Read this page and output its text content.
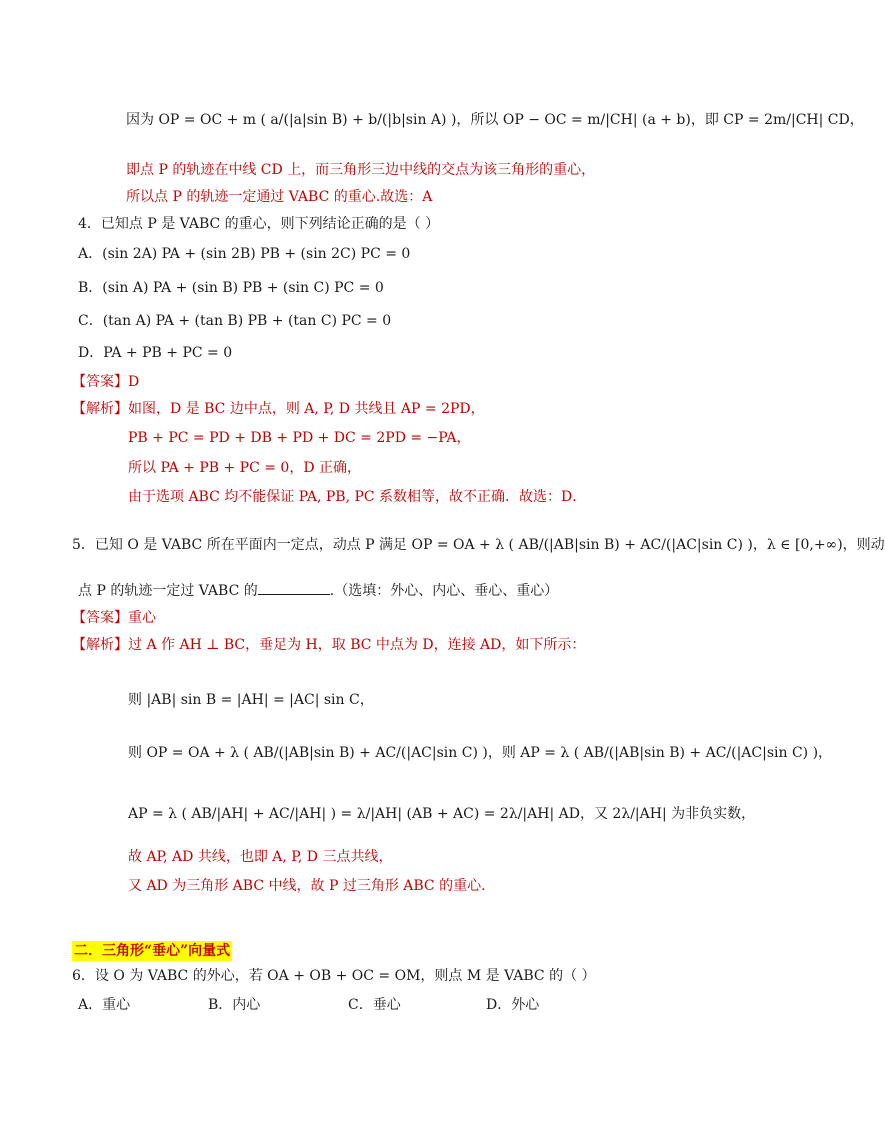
因为 OP = OC + m ( a/(|a|sin B) + b/(|b|sin A) )，所以 OP − OC = m/|CH| (a + b)，即 CP = 2m/|CH| CD，
即点 P 的轨迹在中线 CD 上，而三角形三边中线的交点为该三角形的重心，
所以点 P 的轨迹一定通过 VABC 的重心.故选：A
4．已知点 P 是 VABC 的重心，则下列结论正确的是（ ）
A．(sin 2A) PA + (sin 2B) PB + (sin 2C) PC = 0
B．(sin A) PA + (sin B) PB + (sin C) PC = 0
C．(tan A) PA + (tan B) PB + (tan C) PC = 0
D．PA + PB + PC = 0
【答案】D
【解析】如图，D 是 BC 边中点，则 A, P, D 共线且 AP = 2PD，
PB + PC = PD + DB + PD + DC = 2PD = −PA，
所以 PA + PB + PC = 0，D 正确，
由于选项 ABC 均不能保证 PA, PB, PC 系数相等，故不正确．故选：D．
5．已知 O 是 VABC 所在平面内一定点，动点 P 满足 OP = OA + λ ( AB/(|AB|sin B) + AC/(|AC|sin C) )，λ ∈ [0,+∞)，则动
点 P 的轨迹一定过 VABC 的	.（选填：外心、内心、垂心、重心）
【答案】重心
【解析】过 A 作 AH ⊥ BC，垂足为 H，取 BC 中点为 D，连接 AD，如下所示：
则 |AB| sin B = |AH| = |AC| sin C，
则 OP = OA + λ ( AB/(|AB|sin B) + AC/(|AC|sin C) )，则 AP = λ ( AB/(|AB|sin B) + AC/(|AC|sin C) )，
AP = λ ( AB/|AH| + AC/|AH| ) = λ/|AH| (AB + AC) = 2λ/|AH| AD，又 2λ/|AH| 为非负实数，
故 AP, AD 共线，也即 A, P, D 三点共线，
又 AD 为三角形 ABC 中线，故 P 过三角形 ABC 的重心.
二．三角形“垂心”向量式
6．设 O 为 VABC 的外心，若 OA + OB + OC = OM，则点 M 是 VABC 的（ ）
A．重心	B．内心	C．垂心	D．外心
